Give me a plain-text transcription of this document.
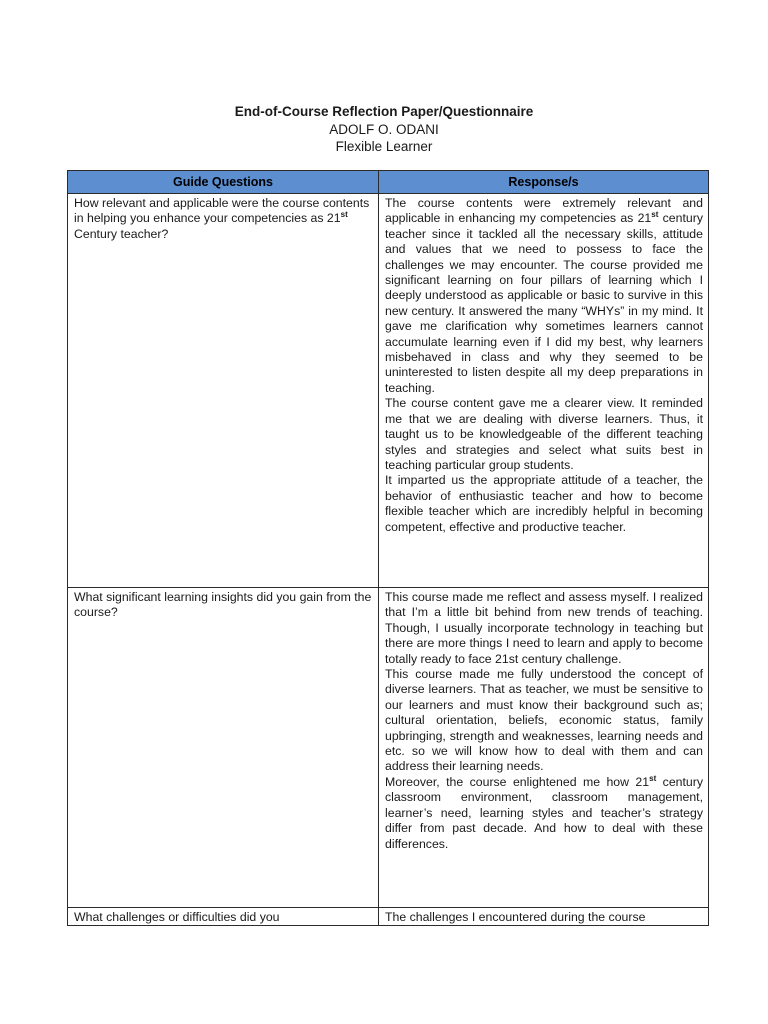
End-of-Course Reflection Paper/Questionnaire
ADOLF O. ODANI
Flexible Learner
Guide Questions	Response/s
How relevant and applicable were the course contents in helping you enhance your competencies as 21st Century teacher?	The course contents were extremely relevant and applicable in enhancing my competencies as 21st century teacher since it tackled all the necessary skills, attitude and values that we need to possess to face the challenges we may encounter. The course provided me significant learning on four pillars of learning which I deeply understood as applicable or basic to survive in this new century. It answered the many “WHYs” in my mind. It gave me clarification why sometimes learners cannot accumulate learning even if I did my best, why learners misbehaved in class and why they seemed to be uninterested to listen despite all my deep preparations in teaching.

The course content gave me a clearer view. It reminded me that we are dealing with diverse learners. Thus, it taught us to be knowledgeable of the different teaching styles and strategies and select what suits best in teaching particular group students.

It imparted us the appropriate attitude of a teacher, the behavior of enthusiastic teacher and how to become flexible teacher which are incredibly helpful in becoming competent, effective and productive teacher.

What significant learning insights did you gain from the course?	This course made me reflect and assess myself. I realized that I’m a little bit behind from new trends of teaching. Though, I usually incorporate technology in teaching but there are more things I need to learn and apply to become totally ready to face 21st century challenge.

This course made me fully understood the concept of diverse learners. That as teacher, we must be sensitive to our learners and must know their background such as; cultural orientation, beliefs, economic status, family upbringing, strength and weaknesses, learning needs and etc. so we will know how to deal with them and can address their learning needs.

Moreover, the course enlightened me how 21st century classroom environment, classroom management, learner’s need, learning styles and teacher’s strategy differ from past decade. And how to deal with these differences.

What challenges or difficulties did you	The challenges I encountered during the course
